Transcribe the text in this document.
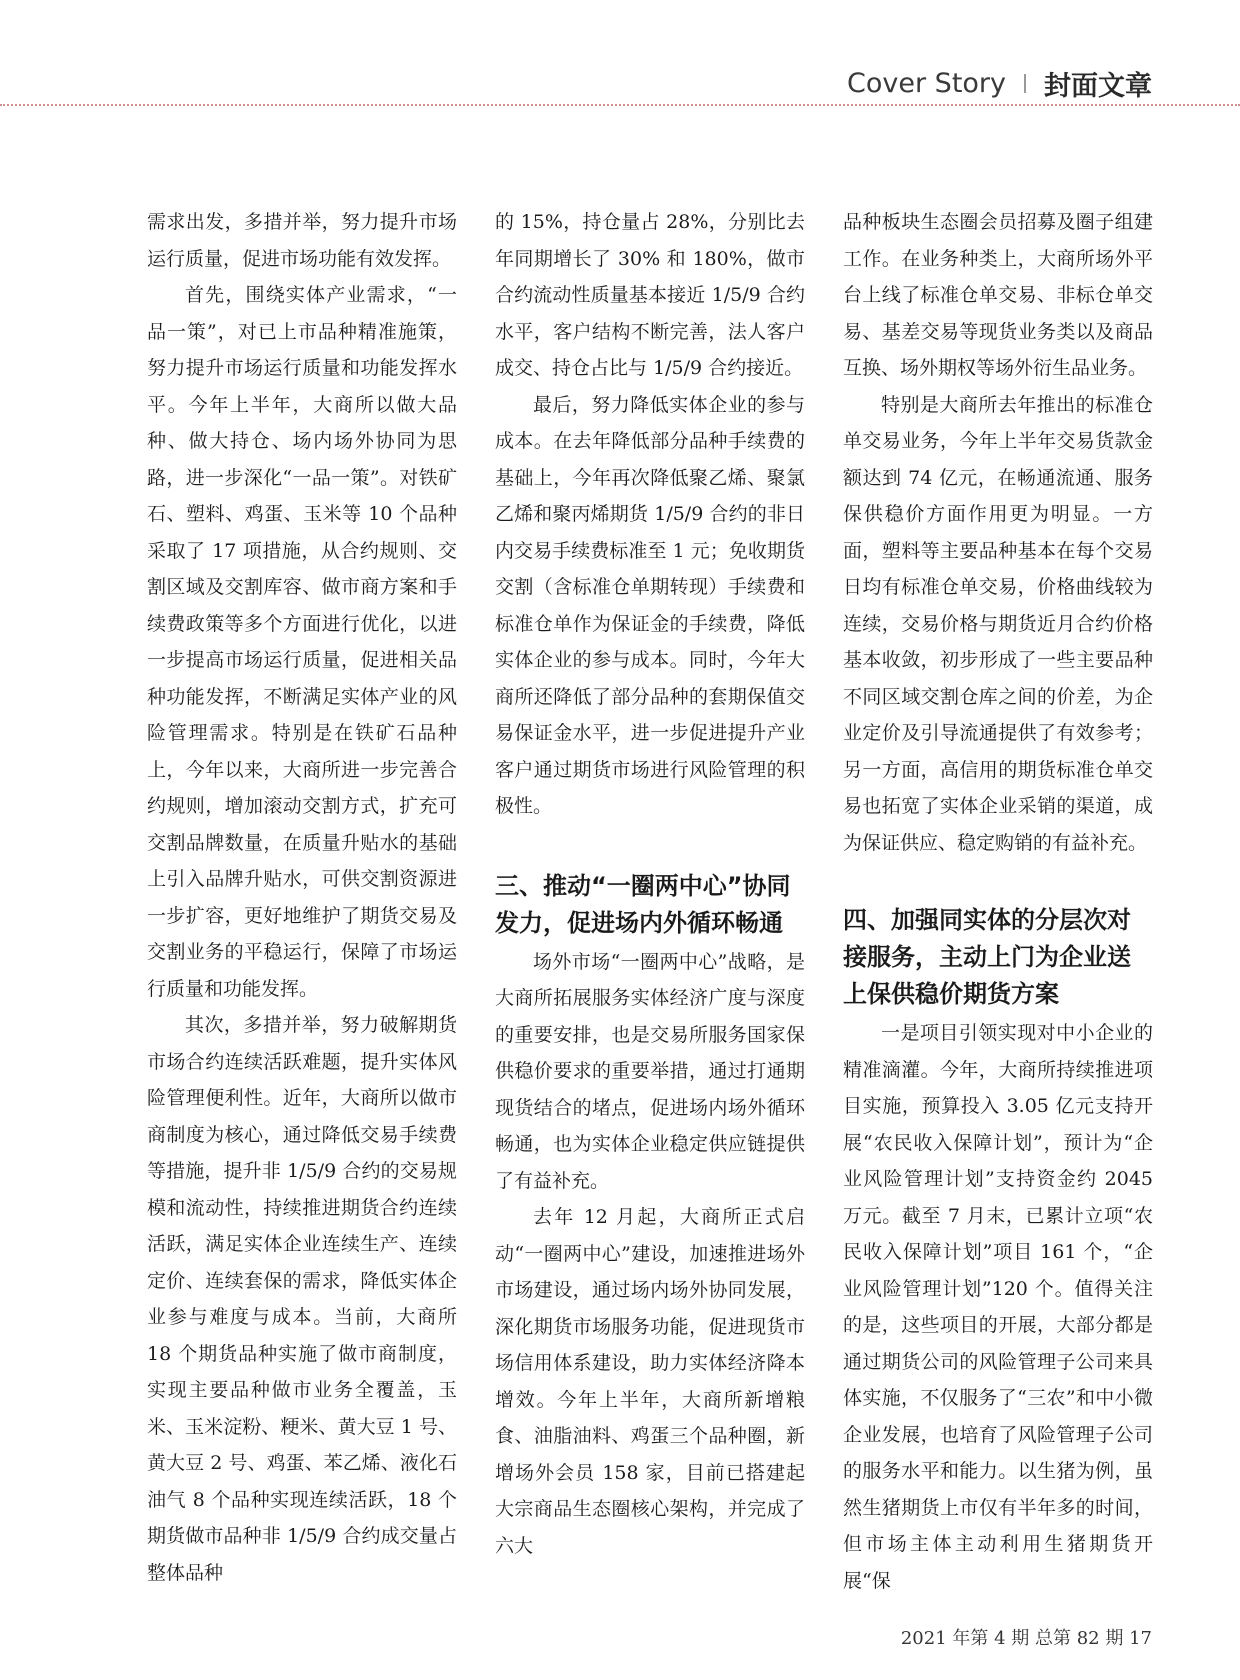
Cover Story 封面文章

需求出发，多措并举，努力提升市场运行质量，促进市场功能有效发挥。

首先，围绕实体产业需求，“一品一策”，对已上市品种精准施策，努力提升市场运行质量和功能发挥水平。今年上半年，大商所以做大品种、做大持仓、场内场外协同为思路，进一步深化“一品一策”。对铁矿石、塑料、鸡蛋、玉米等 10 个品种采取了 17 项措施，从合约规则、交割区域及交割库容、做市商方案和手续费政策等多个方面进行优化，以进一步提高市场运行质量，促进相关品种功能发挥，不断满足实体产业的风险管理需求。特别是在铁矿石品种上，今年以来，大商所进一步完善合约规则，增加滚动交割方式，扩充可交割品牌数量，在质量升贴水的基础上引入品牌升贴水，可供交割资源进一步扩容，更好地维护了期货交易及交割业务的平稳运行，保障了市场运行质量和功能发挥。

其次，多措并举，努力破解期货市场合约连续活跃难题，提升实体风险管理便利性。近年，大商所以做市商制度为核心，通过降低交易手续费等措施，提升非 1/5/9 合约的交易规模和流动性，持续推进期货合约连续活跃，满足实体企业连续生产、连续定价、连续套保的需求，降低实体企业参与难度与成本。当前，大商所 18 个期货品种实施了做市商制度，实现主要品种做市业务全覆盖，玉米、玉米淀粉、粳米、黄大豆 1 号、黄大豆 2 号、鸡蛋、苯乙烯、液化石油气 8 个品种实现连续活跃，18 个期货做市品种非 1/5/9 合约成交量占整体品种

的 15%，持仓量占 28%，分别比去年同期增长了 30% 和 180%，做市合约流动性质量基本接近 1/5/9 合约水平，客户结构不断完善，法人客户成交、持仓占比与 1/5/9 合约接近。

最后，努力降低实体企业的参与成本。在去年降低部分品种手续费的基础上，今年再次降低聚乙烯、聚氯乙烯和聚丙烯期货 1/5/9 合约的非日内交易手续费标准至 1 元；免收期货交割（含标准仓单期转现）手续费和标准仓单作为保证金的手续费，降低实体企业的参与成本。同时，今年大商所还降低了部分品种的套期保值交易保证金水平，进一步促进提升产业客户通过期货市场进行风险管理的积极性。

三、推动“一圈两中心”协同发力，促进场内外循环畅通

场外市场“一圈两中心”战略，是大商所拓展服务实体经济广度与深度的重要安排，也是交易所服务国家保供稳价要求的重要举措，通过打通期现货结合的堵点，促进场内场外循环畅通，也为实体企业稳定供应链提供了有益补充。

去年 12 月起，大商所正式启动“一圈两中心”建设，加速推进场外市场建设，通过场内场外协同发展，深化期货市场服务功能，促进现货市场信用体系建设，助力实体经济降本增效。今年上半年，大商所新增粮食、油脂油料、鸡蛋三个品种圈，新增场外会员 158 家，目前已搭建起大宗商品生态圈核心架构，并完成了六大

品种板块生态圈会员招募及圈子组建工作。在业务种类上，大商所场外平台上线了标准仓单交易、非标仓单交易、基差交易等现货业务类以及商品互换、场外期权等场外衍生品业务。

特别是大商所去年推出的标准仓单交易业务，今年上半年交易货款金额达到 74 亿元，在畅通流通、服务保供稳价方面作用更为明显。一方面，塑料等主要品种基本在每个交易日均有标准仓单交易，价格曲线较为连续，交易价格与期货近月合约价格基本收敛，初步形成了一些主要品种不同区域交割仓库之间的价差，为企业定价及引导流通提供了有效参考；另一方面，高信用的期货标准仓单交易也拓宽了实体企业采销的渠道，成为保证供应、稳定购销的有益补充。

四、加强同实体的分层次对接服务，主动上门为企业送上保供稳价期货方案

一是项目引领实现对中小企业的精准滴灌。今年，大商所持续推进项目实施，预算投入 3.05 亿元支持开展“农民收入保障计划”，预计为“企业风险管理计划”支持资金约 2045 万元。截至 7 月末，已累计立项“农民收入保障计划”项目 161 个，“企业风险管理计划”120 个。值得关注的是，这些项目的开展，大部分都是通过期货公司的风险管理子公司来具体实施，不仅服务了“三农”和中小微企业发展，也培育了风险管理子公司的服务水平和能力。以生猪为例，虽然生猪期货上市仅有半年多的时间，但市场主体主动利用生猪期货开展“保

2021 年第 4 期 总第 82 期 17
